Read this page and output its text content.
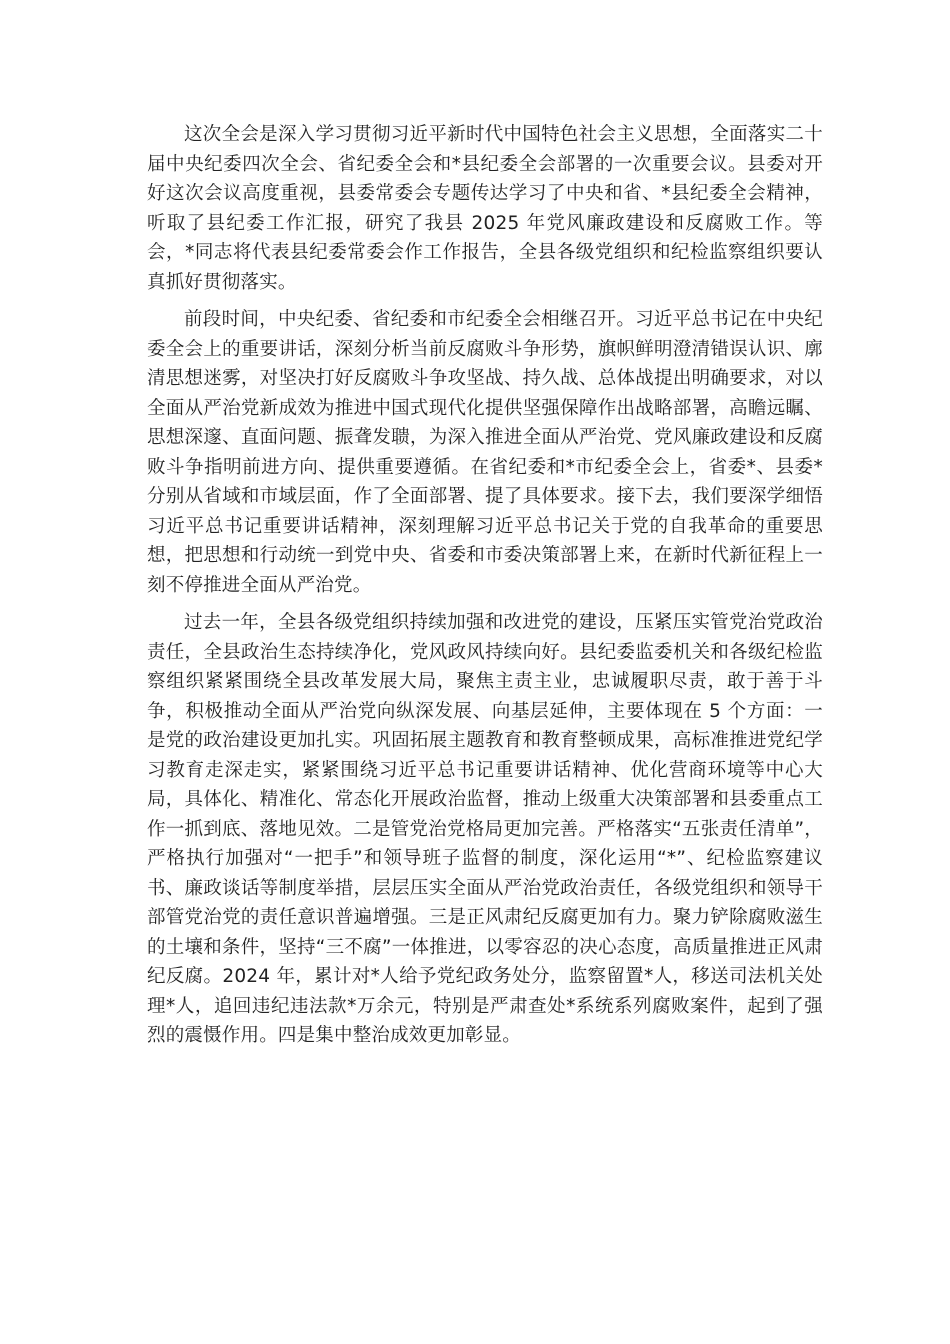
这次全会是深入学习贯彻习近平新时代中国特色社会主义思想，全面落实二十届中央纪委四次全会、省纪委全会和*县纪委全会部署的一次重要会议。县委对开好这次会议高度重视，县委常委会专题传达学习了中央和省、*县纪委全会精神，听取了县纪委工作汇报，研究了我县 2025 年党风廉政建设和反腐败工作。等会，*同志将代表县纪委常委会作工作报告，全县各级党组织和纪检监察组织要认真抓好贯彻落实。

前段时间，中央纪委、省纪委和市纪委全会相继召开。习近平总书记在中央纪委全会上的重要讲话，深刻分析当前反腐败斗争形势，旗帜鲜明澄清错误认识、廓清思想迷雾，对坚决打好反腐败斗争攻坚战、持久战、总体战提出明确要求，对以全面从严治党新成效为推进中国式现代化提供坚强保障作出战略部署，高瞻远瞩、思想深邃、直面问题、振聋发聩，为深入推进全面从严治党、党风廉政建设和反腐败斗争指明前进方向、提供重要遵循。在省纪委和*市纪委全会上，省委*、县委*分别从省域和市域层面，作了全面部署、提了具体要求。接下去，我们要深学细悟习近平总书记重要讲话精神，深刻理解习近平总书记关于党的自我革命的重要思想，把思想和行动统一到党中央、省委和市委决策部署上来，在新时代新征程上一刻不停推进全面从严治党。

过去一年，全县各级党组织持续加强和改进党的建设，压紧压实管党治党政治责任，全县政治生态持续净化，党风政风持续向好。县纪委监委机关和各级纪检监察组织紧紧围绕全县改革发展大局，聚焦主责主业，忠诚履职尽责，敢于善于斗争，积极推动全面从严治党向纵深发展、向基层延伸，主要体现在 5 个方面：一是党的政治建设更加扎实。巩固拓展主题教育和教育整顿成果，高标准推进党纪学习教育走深走实，紧紧围绕习近平总书记重要讲话精神、优化营商环境等中心大局，具体化、精准化、常态化开展政治监督，推动上级重大决策部署和县委重点工作一抓到底、落地见效。二是管党治党格局更加完善。严格落实“五张责任清单”，严格执行加强对“一把手”和领导班子监督的制度，深化运用“*”、纪检监察建议书、廉政谈话等制度举措，层层压实全面从严治党政治责任，各级党组织和领导干部管党治党的责任意识普遍增强。三是正风肃纪反腐更加有力。聚力铲除腐败滋生的土壤和条件，坚持“三不腐”一体推进，以零容忍的决心态度，高质量推进正风肃纪反腐。2024 年，累计对*人给予党纪政务处分，监察留置*人，移送司法机关处理*人，追回违纪违法款*万余元，特别是严肃查处*系统系列腐败案件，起到了强烈的震慑作用。四是集中整治成效更加彰显。
